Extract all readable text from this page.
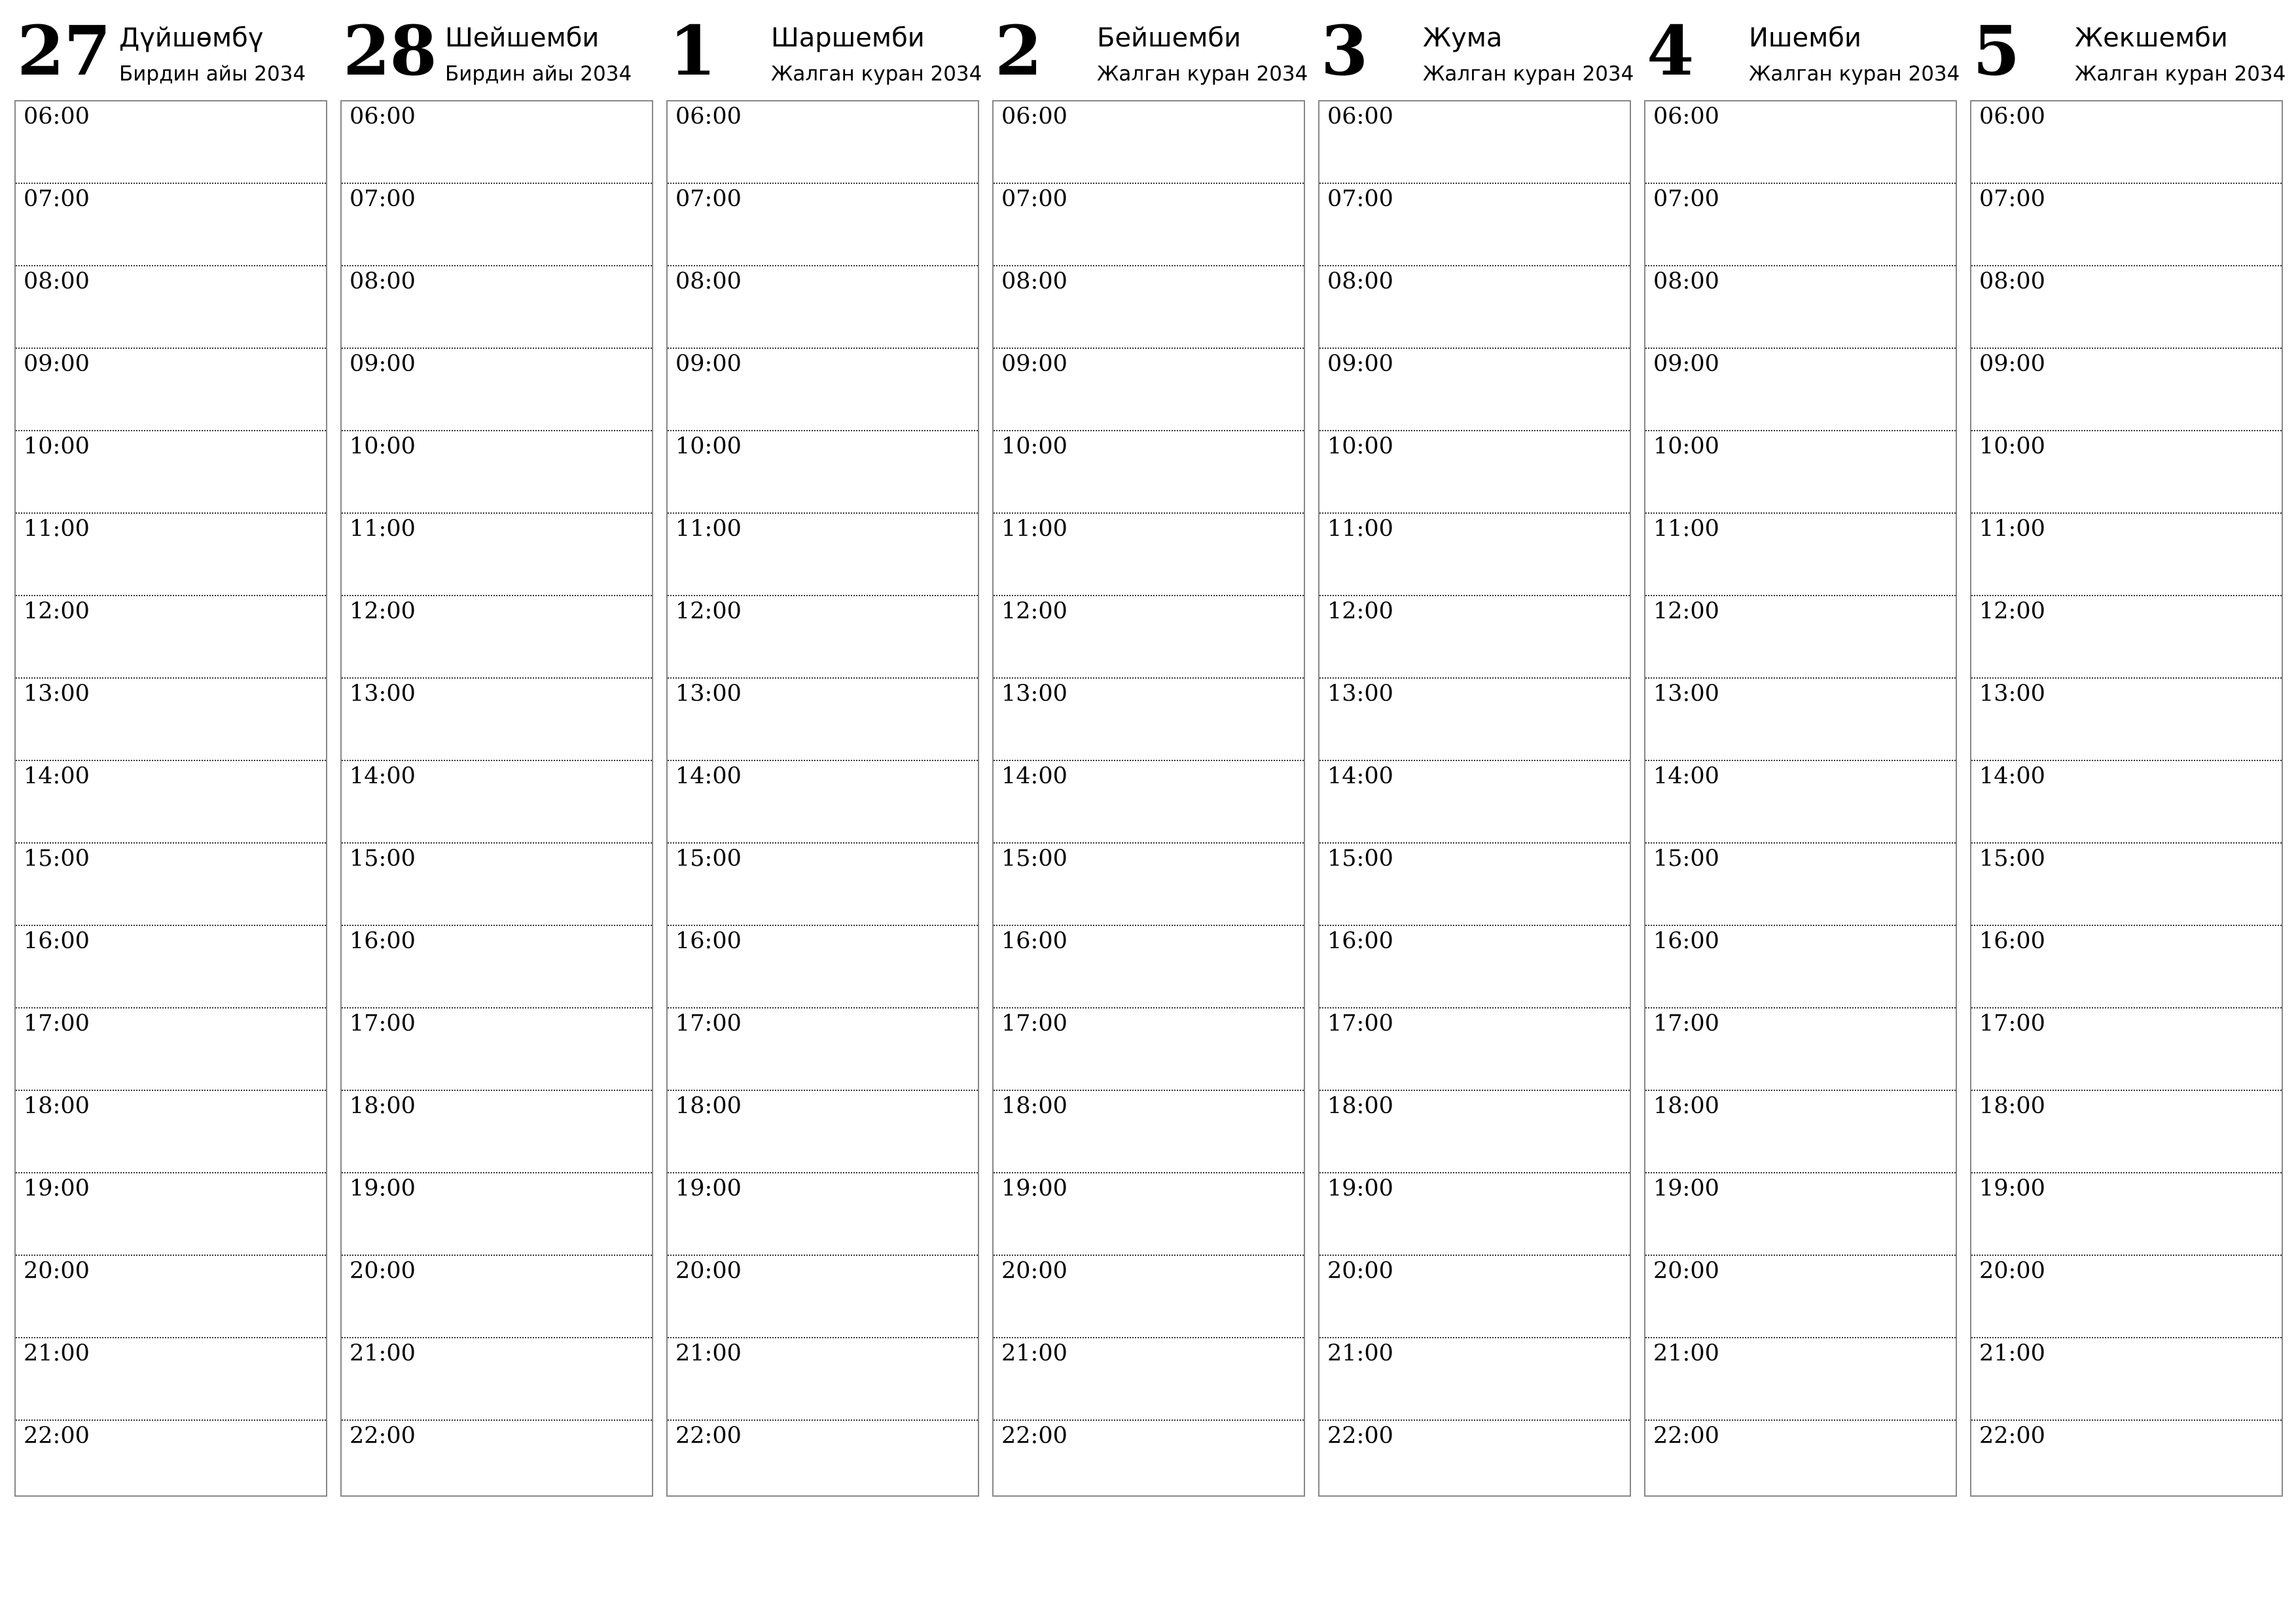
27 Дүйшөмбү
Бирдин айы 2034
06:00
07:00
08:00
09:00
10:00
11:00
12:00
13:00
14:00
15:00
16:00
17:00
18:00
19:00
20:00
21:00
22:00
28 Шейшемби
Бирдин айы 2034
06:00
07:00
08:00
09:00
10:00
11:00
12:00
13:00
14:00
15:00
16:00
17:00
18:00
19:00
20:00
21:00
22:00
1 Шаршемби
Жалган куран 2034
06:00
07:00
08:00
09:00
10:00
11:00
12:00
13:00
14:00
15:00
16:00
17:00
18:00
19:00
20:00
21:00
22:00
2 Бейшемби
Жалган куран 2034
06:00
07:00
08:00
09:00
10:00
11:00
12:00
13:00
14:00
15:00
16:00
17:00
18:00
19:00
20:00
21:00
22:00
3 Жума
Жалган куран 2034
06:00
07:00
08:00
09:00
10:00
11:00
12:00
13:00
14:00
15:00
16:00
17:00
18:00
19:00
20:00
21:00
22:00
4 Ишемби
Жалган куран 2034
06:00
07:00
08:00
09:00
10:00
11:00
12:00
13:00
14:00
15:00
16:00
17:00
18:00
19:00
20:00
21:00
22:00
5 Жекшемби
Жалган куран 2034
06:00
07:00
08:00
09:00
10:00
11:00
12:00
13:00
14:00
15:00
16:00
17:00
18:00
19:00
20:00
21:00
22:00
